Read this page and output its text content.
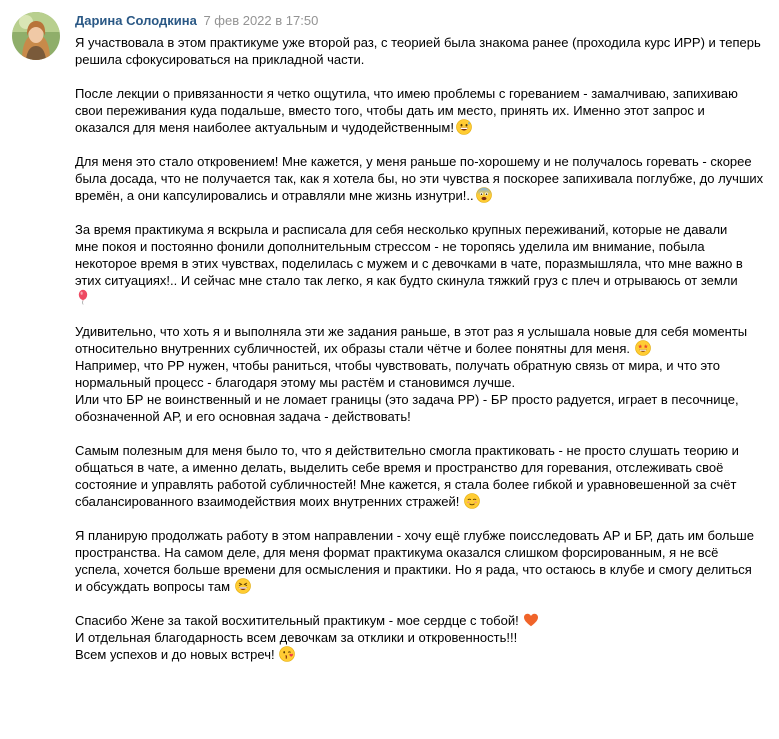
Дарина Солодкина 7 фев 2022 в 17:50
Я участвовала в этом практикуме уже второй раз, с теорией была знакома ранее (проходила курс ИРР) и теперь
решила сфокусироваться на прикладной части.
После лекции о привязанности я четко ощутила, что имею проблемы с гореванием - замалчиваю, запихиваю
свои переживания куда подальше, вместо того, чтобы дать им место, принять их. Именно этот запрос и
оказался для меня наиболее актуальным и чудодейственным!
Для меня это стало откровением! Мне кажется, у меня раньше по-хорошему и не получалось горевать - скорее
была досада, что не получается так, как я хотела бы, но эти чувства я поскорее запихивала поглубже, до лучших
времён, а они капсулировались и отравляли мне жизнь изнутри!..
За время практикума я вскрыла и расписала для себя несколько крупных переживаний, которые не давали
мне покоя и постоянно фонили дополнительным стрессом - не торопясь уделила им внимание, побыла
некоторое время в этих чувствах, поделилась с мужем и с девочками в чате, поразмышляла, что мне важно в
этих ситуациях!.. И сейчас мне стало так легко, я как будто скинула тяжкий груз с плеч и отрываюсь от земли
Удивительно, что хоть я и выполняла эти же задания раньше, в этот раз я услышала новые для себя моменты
относительно внутренних субличностей, их образы стали чётче и более понятны для меня.
Например, что РР нужен, чтобы раниться, чтобы чувствовать, получать обратную связь от мира, и что это
нормальный процесс - благодаря этому мы растём и становимся лучше.
Или что БР не воинственный и не ломает границы (это задача РР) - БР просто радуется, играет в песочнице,
обозначенной АР, и его основная задача - действовать!
Самым полезным для меня было то, что я действительно смогла практиковать - не просто слушать теорию и
общаться в чате, а именно делать, выделить себе время и пространство для горевания, отслеживать своё
состояние и управлять работой субличностей! Мне кажется, я стала более гибкой и уравновешенной за счёт
сбалансированного взаимодействия моих внутренних стражей!
Я планирую продолжать работу в этом направлении - хочу ещё глубже поисследовать АР и БР, дать им больше
пространства. На самом деле, для меня формат практикума оказался слишком форсированным, я не всё
успела, хочется больше времени для осмысления и практики. Но я рада, что остаюсь в клубе и смогу делиться
и обсуждать вопросы там
Спасибо Жене за такой восхитительный практикум - мое сердце с тобой!
И отдельная благодарность всем девочкам за отклики и откровенность!!!
Всем успехов и до новых встреч!
